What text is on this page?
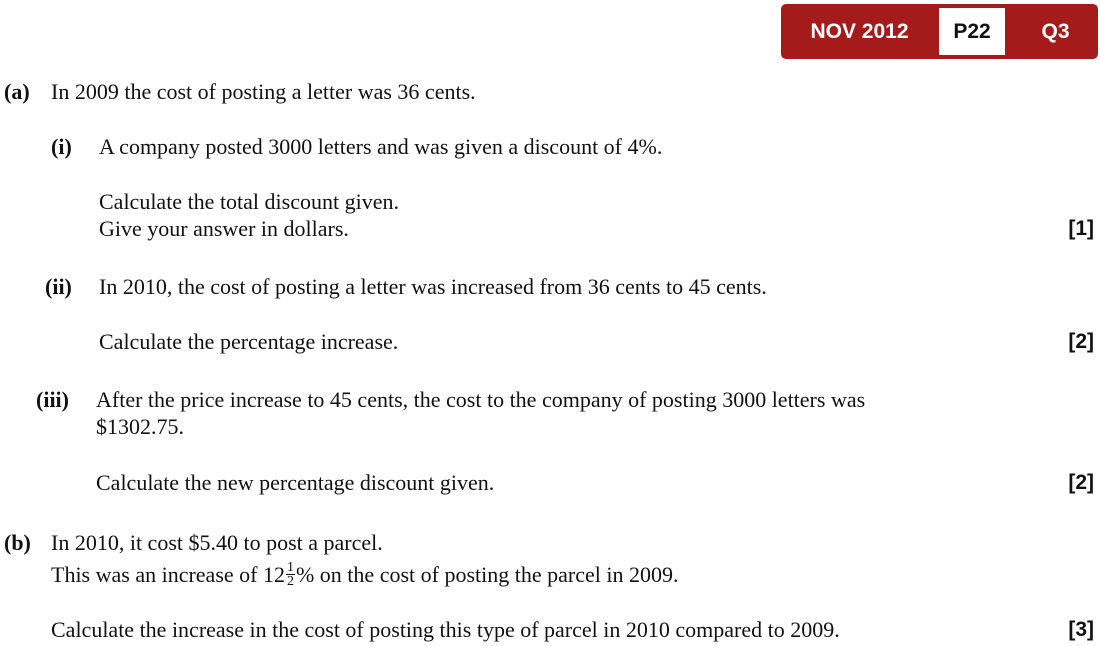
NOV 2012	P22	Q3
(a) In 2009 the cost of posting a letter was 36 cents.
(i) A company posted 3000 letters and was given a discount of 4%.
Calculate the total discount given.
Give your answer in dollars.	[1]
(ii) In 2010, the cost of posting a letter was increased from 36 cents to 45 cents.
Calculate the percentage increase.	[2]
(iii) After the price increase to 45 cents, the cost to the company of posting 3000 letters was
$1302.75.
Calculate the new percentage discount given.	[2]
(b) In 2010, it cost $5.40 to post a parcel.
This was an increase of $12 \frac{1}{2}$ % on the cost of posting the parcel in 2009.
Calculate the increase in the cost of posting this type of parcel in 2010 compared to 2009.	[3]
